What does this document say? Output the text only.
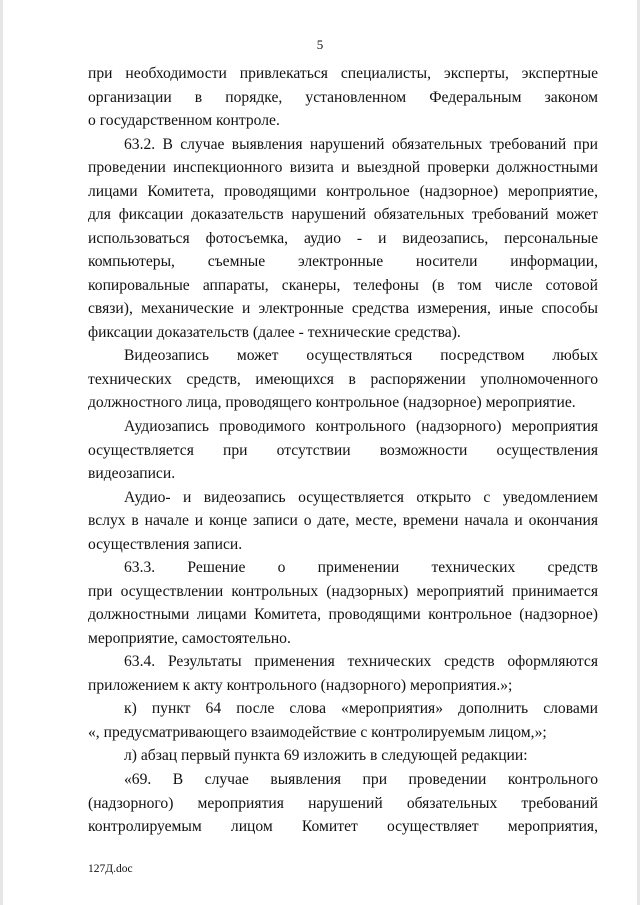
5
при необходимости привлекаться специалисты, эксперты, экспертные
организации в порядке, установленном Федеральным законом
о государственном контроле.
63.2. В случае выявления нарушений обязательных требований при
проведении инспекционного визита и выездной проверки должностными
лицами Комитета, проводящими контрольное (надзорное) мероприятие,
для фиксации доказательств нарушений обязательных требований может
использоваться фотосъемка, аудио - и видеозапись, персональные
компьютеры, съемные электронные носители информации,
копировальные аппараты, сканеры, телефоны (в том числе сотовой
связи), механические и электронные средства измерения, иные способы
фиксации доказательств (далее - технические средства).
Видеозапись может осуществляться посредством любых
технических средств, имеющихся в распоряжении уполномоченного
должностного лица, проводящего контрольное (надзорное) мероприятие.
Аудиозапись проводимого контрольного (надзорного) мероприятия
осуществляется при отсутствии возможности осуществления
видеозаписи.
Аудио- и видеозапись осуществляется открыто с уведомлением
вслух в начале и конце записи о дате, месте, времени начала и окончания
осуществления записи.
63.3. Решение о применении технических средств
при осуществлении контрольных (надзорных) мероприятий принимается
должностными лицами Комитета, проводящими контрольное (надзорное)
мероприятие, самостоятельно.
63.4. Результаты применения технических средств оформляются
приложением к акту контрольного (надзорного) мероприятия.»;
к) пункт 64 после слова «мероприятия» дополнить словами
«, предусматривающего взаимодействие с контролируемым лицом,»;
л) абзац первый пункта 69 изложить в следующей редакции:
«69. В случае выявления при проведении контрольного
(надзорного) мероприятия нарушений обязательных требований
контролируемым лицом Комитет осуществляет мероприятия,
127Д.doc
